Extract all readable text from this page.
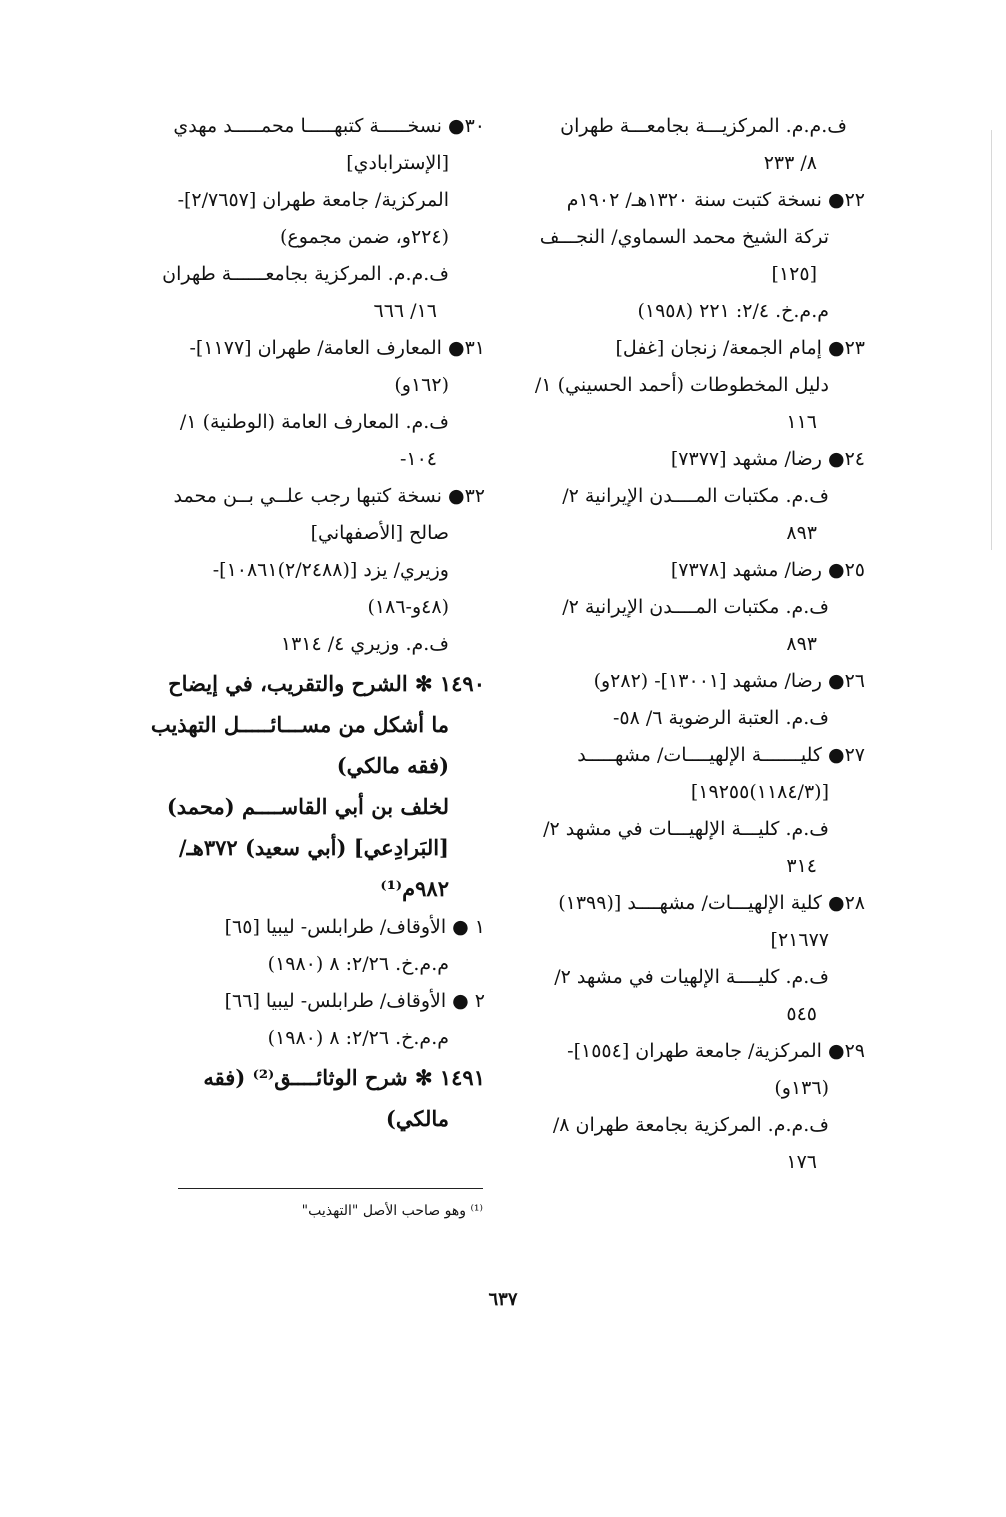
ف.م.م. المركزيـــة بجامعـــة طهران
٨/ ٢٣٣
٢٢● نسخة كتبت سنة ١٣٢٠هـ/ ١٩٠٢م
تركة الشيخ محمد السماوي/ النجـــف
[١٢٥]
م.م.خ. ٢/٤: ٢٢١ (١٩٥٨)
٢٣● إمام الجمعة/ زنجان [غفل]
دليل المخطوطات (أحمد الحسيني) ١/
١١٦
٢٤● رضا/ مشهد [٧٣٧٧]
ف.م. مكتبات المــــدن الإيرانية ٢/
٨٩٣
٢٥● رضا/ مشهد [٧٣٧٨]
ف.م. مكتبات المــــدن الإيرانية ٢/
٨٩٣
٢٦● رضا/ مشهد [١٣٠٠١]- (٢٨٢و)
ف.م. العتبة الرضوية ٦/ ٥٨-
٢٧● كليـــــــة الإلهيــــات/ مشهـــــد
[(١١٨٤/٣)١٩٢٥٥]
ف.م. كليـــة الإلهيـــات في مشهد ٢/
٣١٤
٢٨● كلية الإلهيـــات/ مشهــــد [(١٣٩٩)
٢١٦٧٧]
ف.م. كليــــة الإلهيات في مشهد ٢/
٥٤٥
٢٩● المركزية/ جامعة طهران [١٥٥٤]-
(١٣٦و)
ف.م.م. المركزية بجامعة طهران ٨/
١٧٦
٣٠● نسخـــــة كتبهـــــا محمـــــد مهدي
[الإسترابادي]
المركزية/ جامعة طهران [٢/٧٦٥٧]-
(٢٢٤و، ضمن مجموع)
ف.م.م. المركزية بجامعــــــة طهران
١٦/ ٦٦٦
٣١● المعارف العامة/ طهران [١١٧٧]-
(١٦٢و)
ف.م. المعارف العامة (الوطنية) ١/
١٠٤-
٣٢● نسخة كتبها رجب علــي بــن محمد
صالح [الأصفهاني]
وزيري/ يزد [(٢/٢٤٨٨)١٠٨٦١]-
(٤٨و-١٨٦)
ف.م. وزيري ٤/ ١٣١٤
١٤٩٠ ✻ الشرح والتقريب، في إيضاح
ما أشكل من مســـائـــــل التهذيب
(فقه مالكي)
لخلف بن أبي القاســــم (محمد)
[البَرادِعي] (أبي سعيد) ٣٧٢هـ/
٩٨٢م⁽¹⁾
١ ● الأوقاف/ طرابلس- ليبيا [٦٥]
م.م.خ. ٢/٢٦: ٨ (١٩٨٠)
٢ ● الأوقاف/ طرابلس- ليبيا [٦٦]
م.م.خ. ٢/٢٦: ٨ (١٩٨٠)
١٤٩١ ✻ شرح الوثائــــق⁽²⁾ (فقه
مالكي)
⁽¹⁾ وهو صاحب الأصل "التهذيب"
٦٣٧
